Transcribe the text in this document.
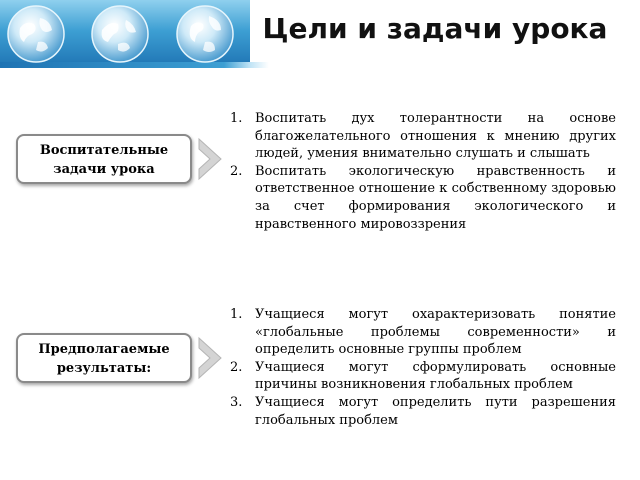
Цели и задачи урока
Воспитательные задачи урока
1. Воспитать дух толерантности на основе благожелательного отношения к мнению других людей, умения внимательно слушать и слышать
2. Воспитать экологическую нравственность и ответственное отношение к собственному здоровью за счет формирования экологического и нравственного мировоззрения
Предполагаемые результаты:
1. Учащиеся могут охарактеризовать понятие «глобальные проблемы современности» и определить основные группы проблем
2. Учащиеся могут сформулировать основные причины возникновения глобальных проблем
3. Учащиеся могут определить пути разрешения глобальных проблем
